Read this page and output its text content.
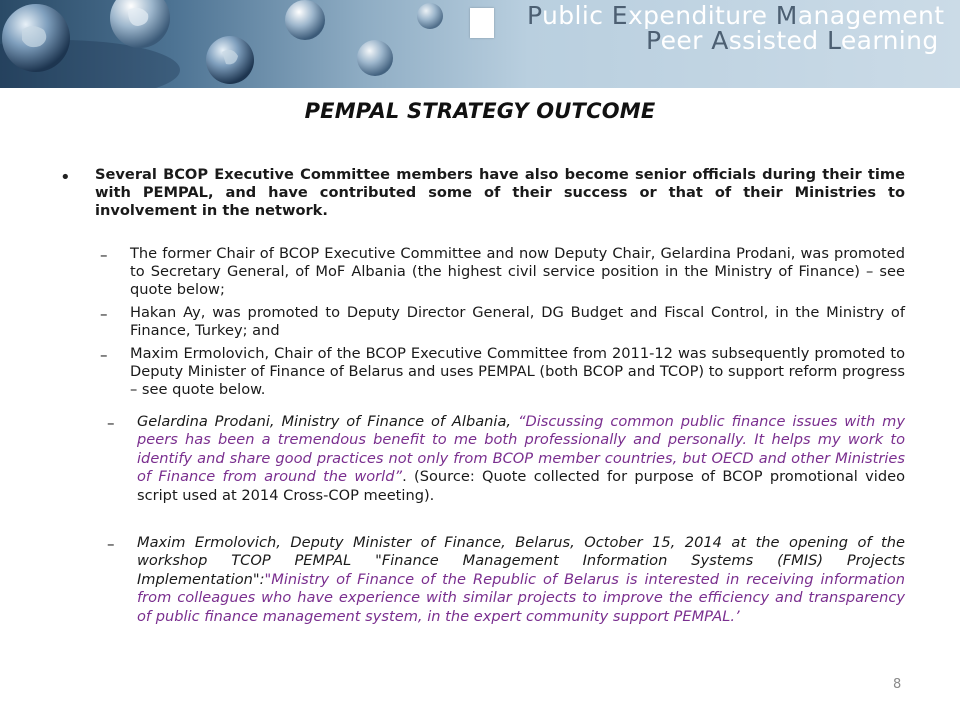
Public Expenditure Management
Peer Assisted Learning
PEMPAL STRATEGY OUTCOME
• Several BCOP Executive Committee members have also become senior officials during their time with PEMPAL, and have contributed some of their success or that of their Ministries to involvement in the network.
– The former Chair of BCOP Executive Committee and now Deputy Chair, Gelardina Prodani, was promoted to Secretary General, of MoF Albania (the highest civil service position in the Ministry of Finance) – see quote below;
– Hakan Ay, was promoted to Deputy Director General, DG Budget and Fiscal Control, in the Ministry of Finance, Turkey; and
– Maxim Ermolovich, Chair of the BCOP Executive Committee from 2011-12 was subsequently promoted to Deputy Minister of Finance of Belarus and uses PEMPAL (both BCOP and TCOP) to support reform progress – see quote below.
– Gelardina Prodani, Ministry of Finance of Albania, “Discussing common public finance issues with my peers has been a tremendous benefit to me both professionally and personally. It helps my work to identify and share good practices not only from BCOP member countries, but OECD and other Ministries of Finance from around the world”. (Source: Quote collected for purpose of BCOP promotional video script used at 2014 Cross-COP meeting).
– Maxim Ermolovich, Deputy Minister of Finance, Belarus, October 15, 2014 at the opening of the workshop TCOP PEMPAL "Finance Management Information Systems (FMIS) Projects Implementation":"Ministry of Finance of the Republic of Belarus is interested in receiving information from colleagues who have experience with similar projects to improve the efficiency and transparency of public finance management system, in the expert community support PEMPAL.’
8
